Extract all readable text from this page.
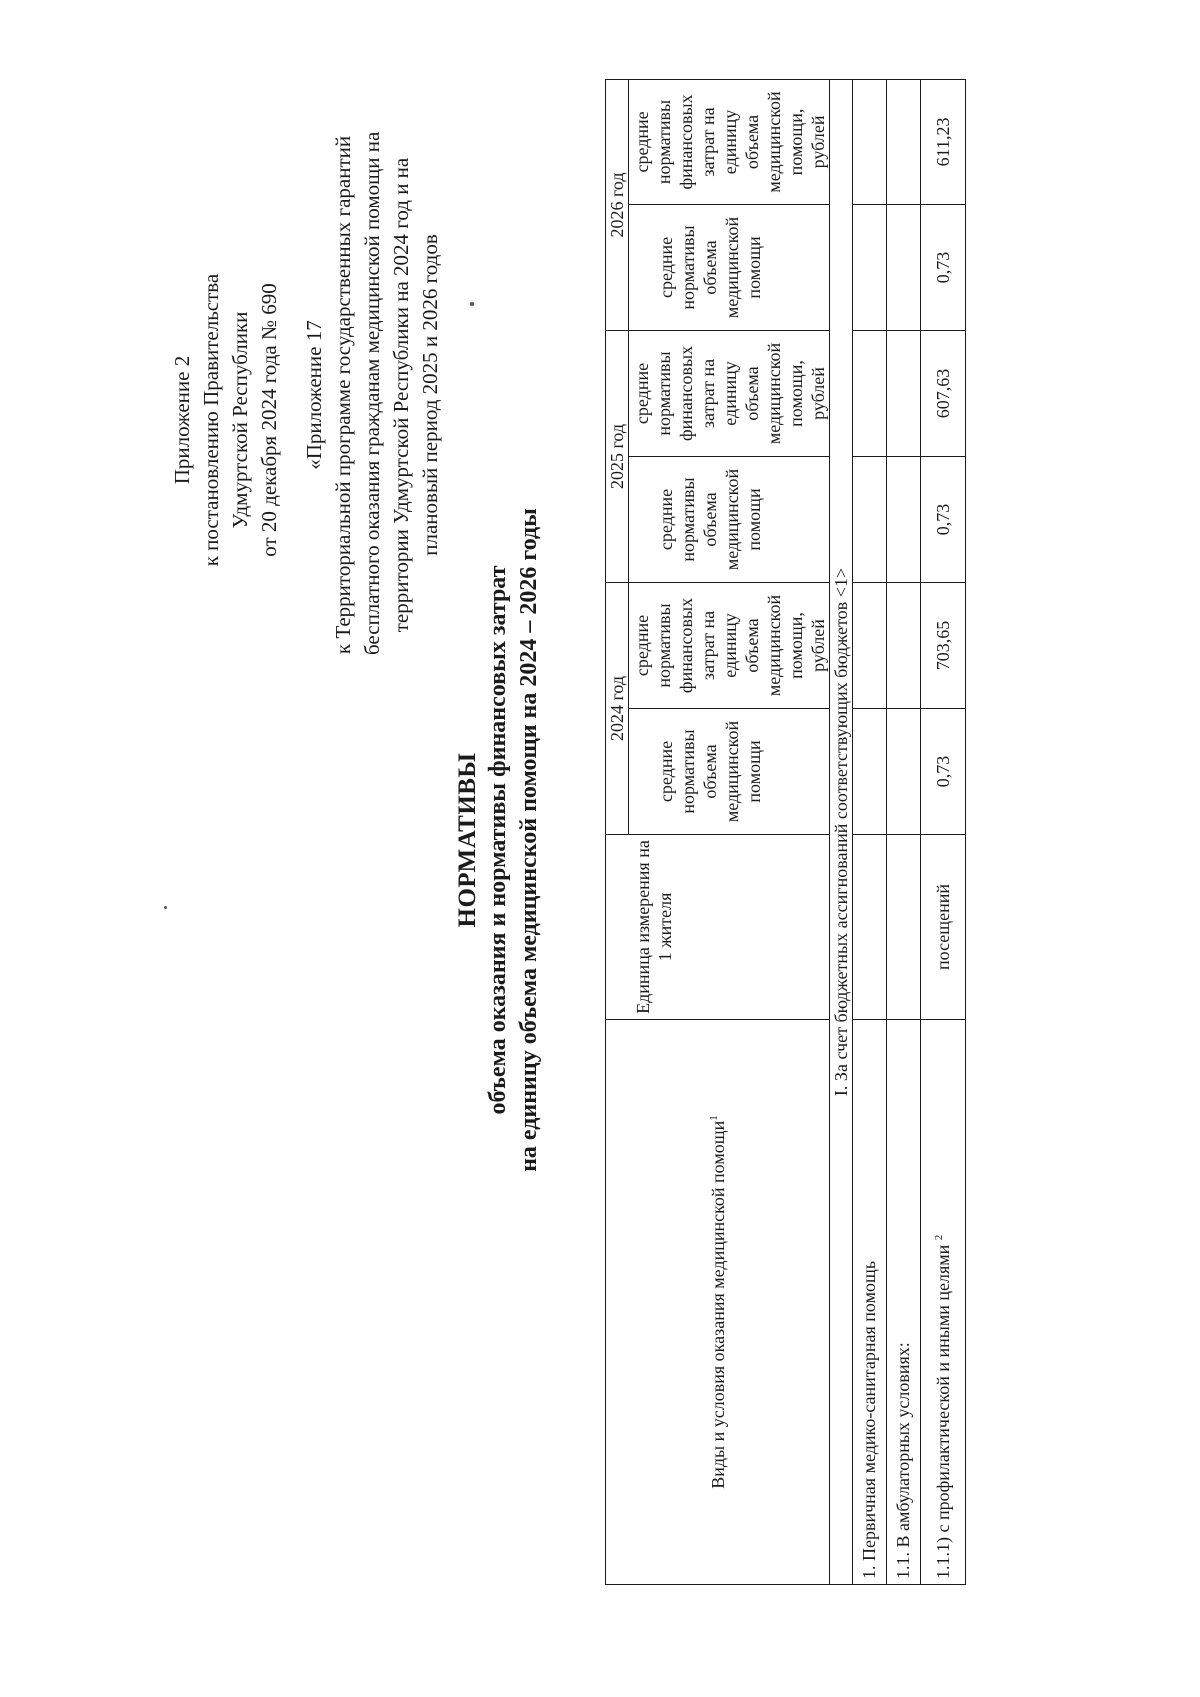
Приложение 2 к постановлению Правительства Удмуртской Республики от 20 декабря 2024 года № 690 «Приложение 17 к Территориальной программе государственных гарантий бесплатного оказания гражданам медицинской помощи на территории Удмуртской Республики на 2024 год и на плановый период 2025 и 2026 годов
НОРМАТИВЫ объема оказания и нормативы финансовых затрат на единицу объема медицинской помощи на 2024 – 2026 годы
Виды и условия оказания медицинской помощи$^1$	Единица измерения на 1 жителя	2024 год		2025 год		2026 год	
		средние нормативы объема медицинской помощи	средние нормативы финансовых затрат на единицу объема медицинской помощи, рублей	средние нормативы объема медицинской помощи	средние нормативы финансовых затрат на единицу объема медицинской помощи, рублей	средние нормативы объема медицинской помощи	средние нормативы финансовых затрат на единицу объема медицинской помощи, рублей
I. За счет бюджетных ассигнований соответствующих бюджетов <1>							
1. Первичная медико-санитарная помощь							
1.1. В амбулаторных условиях:							
1.1.1) с профилактической и иными целями $^2$	посещений	0,73	703,65	0,73	607,63	0,73	611,23
